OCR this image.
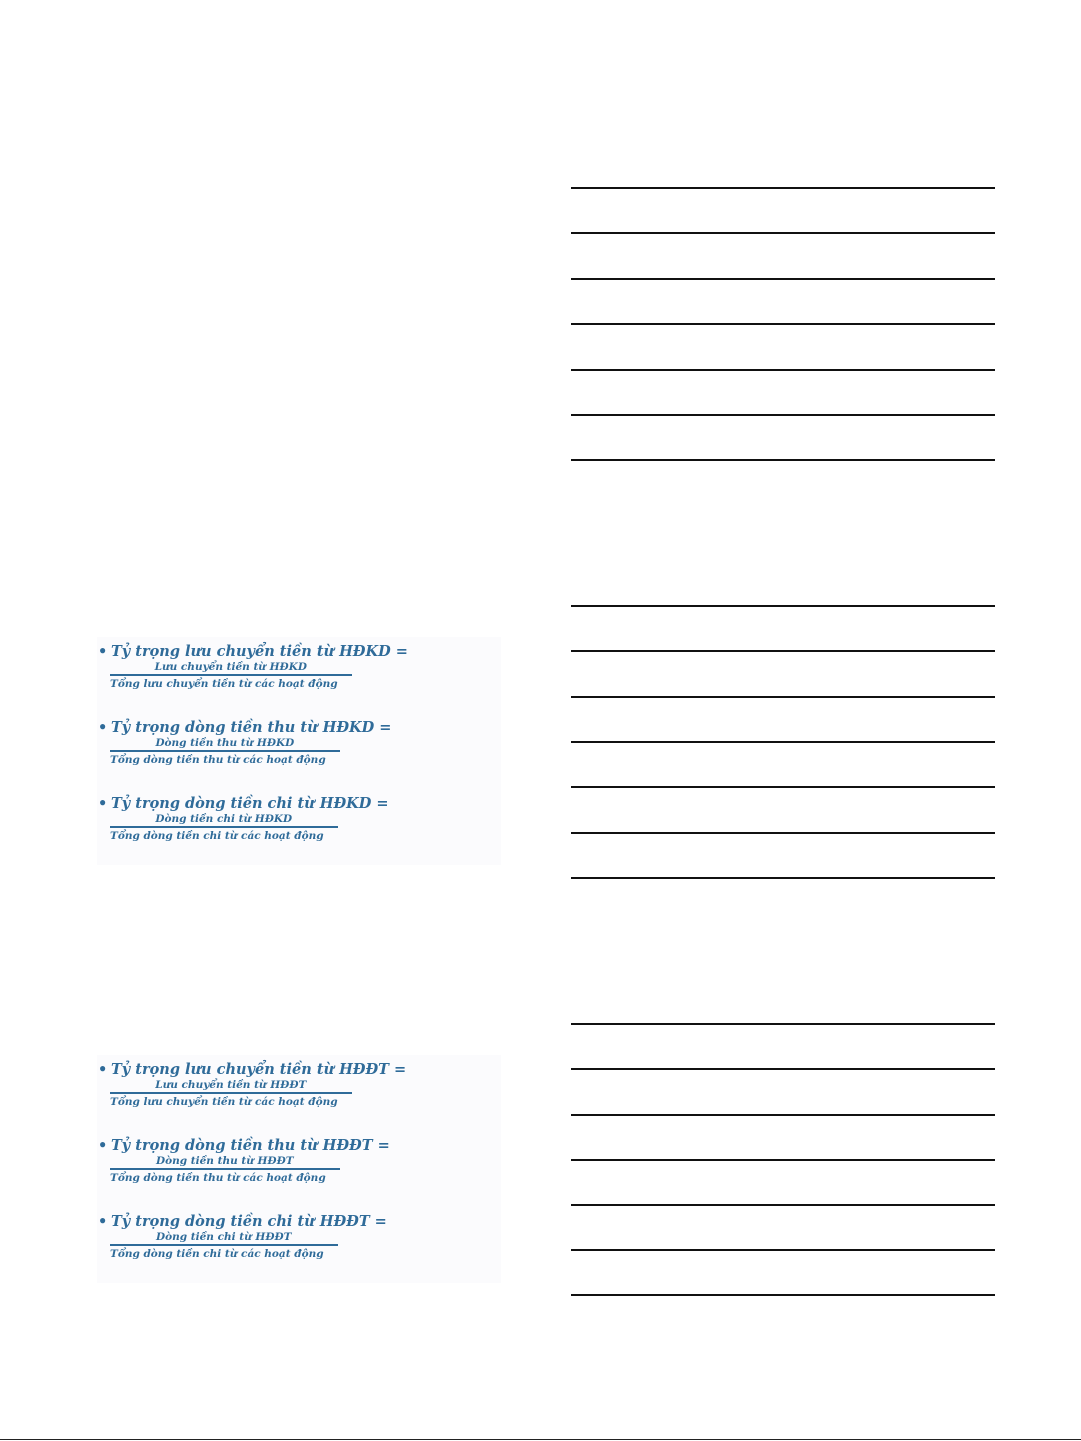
• Tỷ trọng lưu chuyển tiền từ HĐKD =
$\frac{\text{Lưu chuyển tiền từ HĐKD}}{\text{Tổng lưu chuyển tiền từ các hoạt động}}$
• Tỷ trọng dòng tiền thu từ HĐKD =
$\frac{\text{Dòng tiền thu từ HĐKD}}{\text{Tổng dòng tiền thu từ các hoạt động}}$
• Tỷ trọng dòng tiền chi từ HĐKD =
$\frac{\text{Dòng tiền chi từ HĐKD}}{\text{Tổng dòng tiền chi từ các hoạt động}}$
• Tỷ trọng lưu chuyển tiền từ HĐĐT =
$\frac{\text{Lưu chuyển tiền từ HĐĐT}}{\text{Tổng lưu chuyển tiền từ các hoạt động}}$
• Tỷ trọng dòng tiền thu từ HĐĐT =
$\frac{\text{Dòng tiền thu từ HĐĐT}}{\text{Tổng dòng tiền thu từ các hoạt động}}$
• Tỷ trọng dòng tiền chi từ HĐĐT =
$\frac{\text{Dòng tiền chi từ HĐĐT}}{\text{Tổng dòng tiền chi từ các hoạt động}}$
